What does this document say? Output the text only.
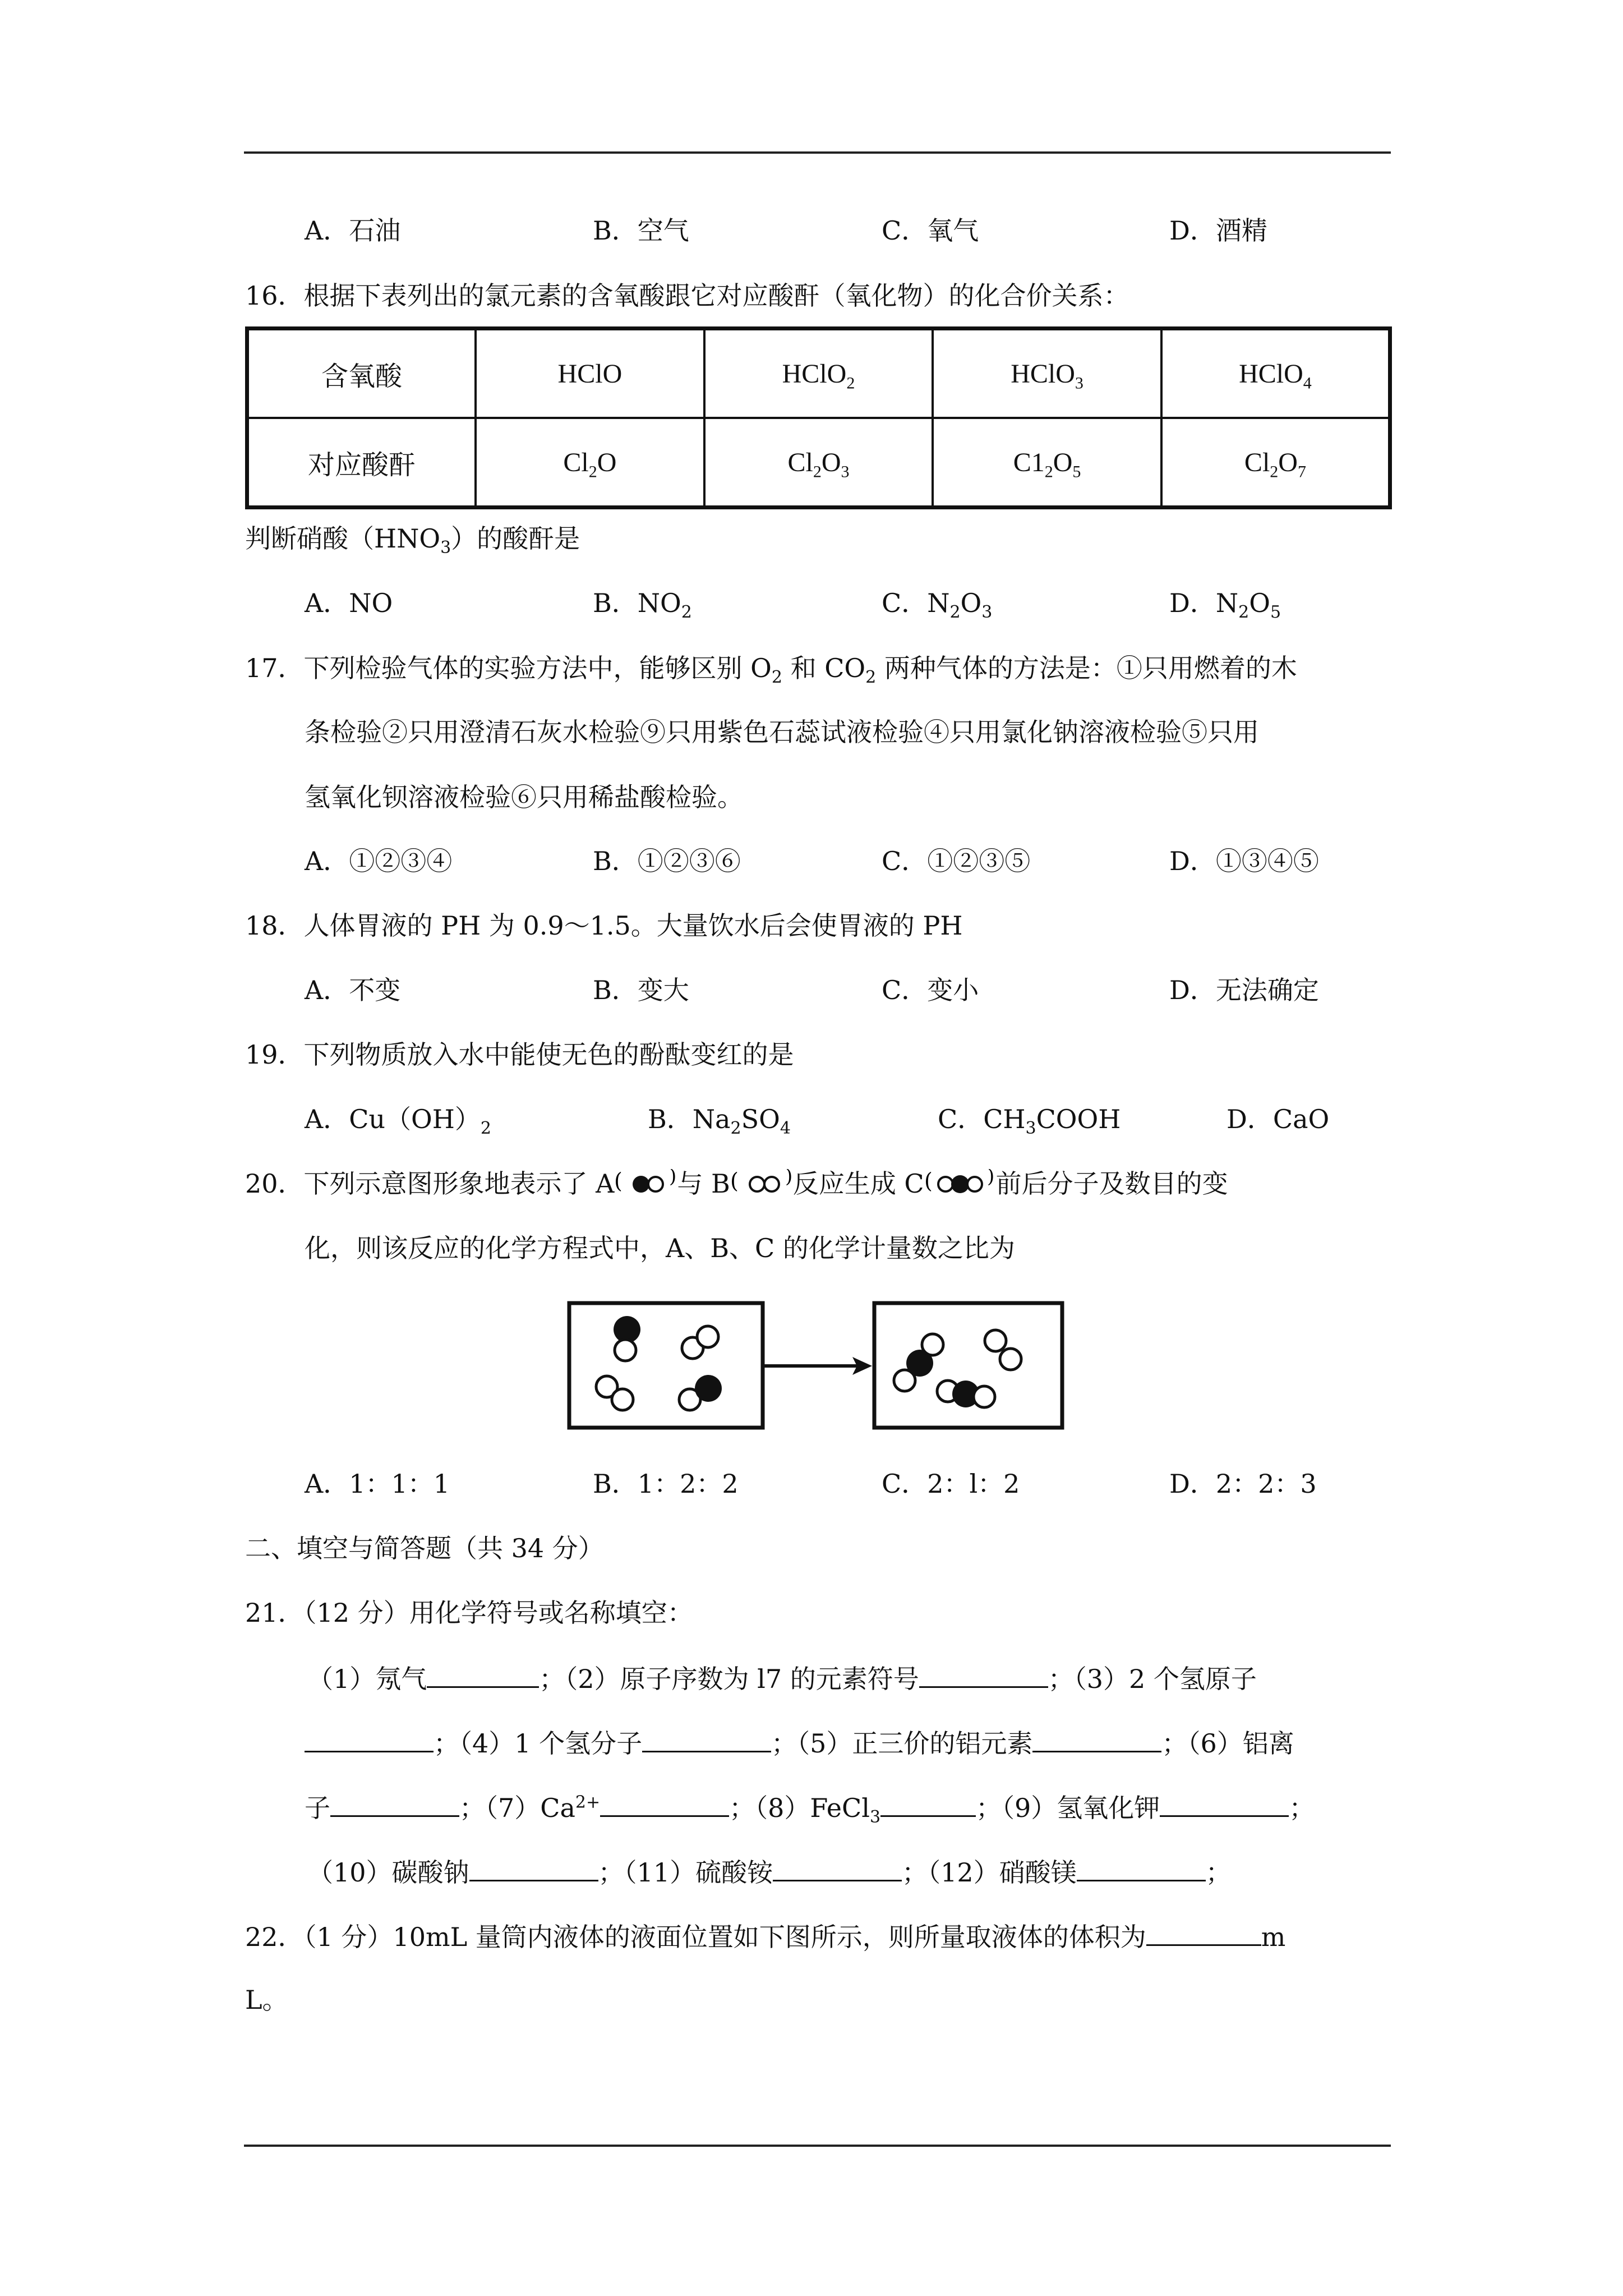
A．石油	B．空气	C．氧气	D．酒精
16．根据下表列出的氯元素的含氧酸跟它对应酸酐（氧化物）的化合价关系：
含氧酸	HClO	HClO$_2$	HClO$_3$	HClO$_4$
对应酸酐	$Cl_2O$	$Cl_2O_3$	$C1_2O_5$	$Cl_2O_7$
判断硝酸$(HNO_3)$的酸酐是
A．NO	B．$NO_2$	C．$N_2O_3$	D．$N_2O_5$
17．下列检验气体的实验方法中，能够区别 $O_2$ 和 $CO_2$ 两种气体的方法是：①只用燃着的木
条检验②只用澄清石灰水检验⑨只用紫色石蕊试液检验④只用氯化钠溶液检验⑤只用
氢氧化钡溶液检验⑥只用稀盐酸检验。
A．①②③④	B．①②③⑥	C．①②③⑤	D．①③④⑤
18．人体胃液的 PH 为 0.9～1.5。大量饮水后会使胃液的 PH
A．不变	B．变大	C．变小	D．无法确定
19．下列物质放入水中能使无色的酚酞变红的是
A．$Cu(OH)_2$	B．$Na_2SO_4$	C．$CH_3COOH$	D．CaO
20．下列示意图形象地表示了 A ( ) 与 B ( ) 反应生成 C (	) 前后分子及数目的变
化，则该反应的化学方程式中，A、B、C 的化学计量数之比为
A．1：1：1	B．1：2：2	C．2：l：2	D．2：2：3
二、填空与简答题（共 34 分）
21．（12 分）用化学符号或名称填空：
（1）氖气	；（2）原子序数为 l7 的元素符号	；（3）2 个氢原子
；（4）1 个氢分子	；（5）正三价的铝元素	；（6）铝离
子	；$(7)Ca^{2+}$	；（8）FeCl$_3$	；（9）氢氧化钾	；
（10）碳酸钠	；（11）硫酸铵	；（12）硝酸镁	；
22．（1 分）10mL 量筒内液体的液面位置如下图所示，则所量取液体的体积为	m
L。
